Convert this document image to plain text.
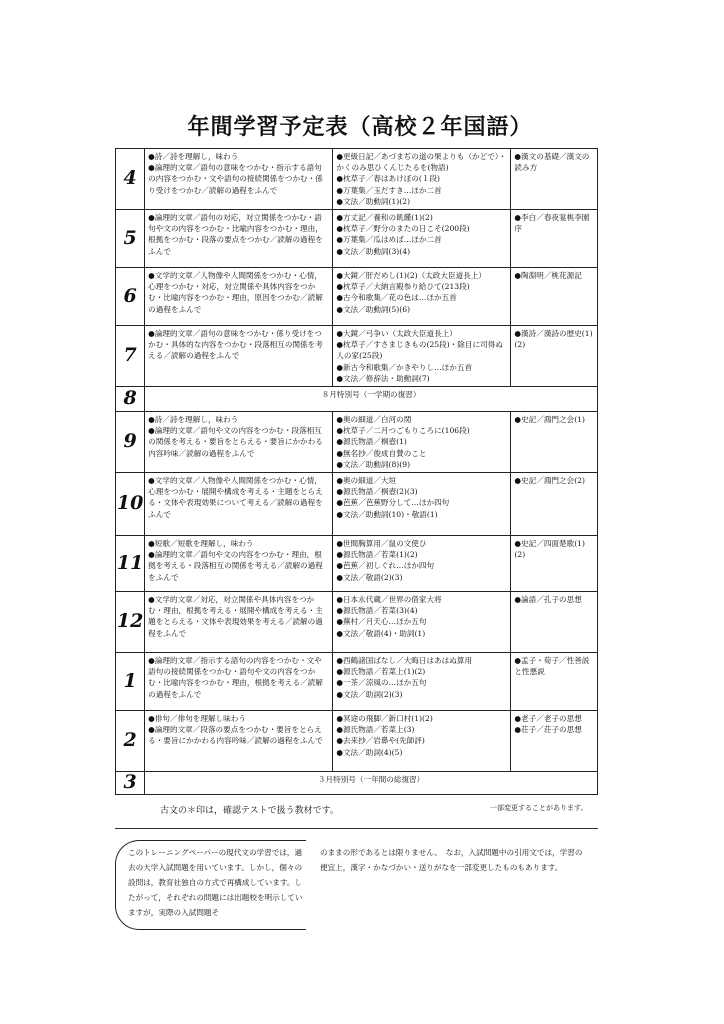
年間学習予定表（高校２年国語）
4	●詩／詩を理解し，味わう
●論理的文章／語句の意味をつかむ・指示する語句の内容をつかむ・文や語句の接続関係をつかむ・係り受けをつかむ／読解の過程をふんで	●更級日記／あづまぢの道の果よりも（かどで）・かくのみ思ひくんじたるを(物語)
●枕草子／春はあけぼの(１段)
●万葉集／玉だすき…ほか二首
●文法／助動詞(1)(2)	●漢文の基礎／漢文の読み方

5	●論理的文章／語句の対応，対立関係をつかむ・語句や文の内容をつかむ・比喩内容をつかむ・理由，根拠をつかむ・段落の要点をつかむ／読解の過程をふんで	●方丈記／養和の飢饉(1)(2)
●枕草子／野分のまたの日こそ(200段)
●万葉集／瓜はめば…ほか二首
●文法／助動詞(3)(4)	●李白／春夜宴桃李園序

6	●文学的文章／人物像や人間関係をつかむ・心情，心理をつかむ・対応，対立関係や具体内容をつかむ・比喩内容をつかむ・理由，原因をつかむ／読解の過程をふんで	●大鏡／肝だめし(1)(2)（太政大臣道長上）
●枕草子／大納言殿参り給ひて(213段)
●古今和歌集／花の色は…ほか五首
●文法／助動詞(5)(6)	●陶淵明／桃花源記

7	●論理的文章／語句の意味をつかむ・係り受けをつかむ・具体的な内容をつかむ・段落相互の関係を考える／読解の過程をふんで	●大鏡／弓争い（太政大臣道長上）
●枕草子／すさまじきもの(25段)・除目に司得ぬ人の家(25段)
●新古今和歌集／かきやりし…ほか五首
●文法／修辞法・助動詞(7)	●漢詩／漢詩の歴史(1)(2)

8	８月特別号（一学期の復習）		
9	●詩／詩を理解し，味わう
●論理的文章／語句や文の内容をつかむ・段落相互の関係を考える・要旨をとらえる・要旨にかかわる内容吟味／読解の過程をふんで	●奥の細道／白河の関
●枕草子／二月つごもりころに(106段)
●源氏物語／桐壺(1)
●無名抄／俊成自賛のこと
●文法／助動詞(8)(9)	●史記／鴻門之会(1)

10	●文学的文章／人物像や人間関係をつかむ・心情，心理をつかむ・展開や構成を考える・主題をとらえる・文体や表現効果について考える／読解の過程をふんで	●奥の細道／大垣
●源氏物語／桐壺(2)(3)
●芭蕉／芭蕉野分して…ほか四句
●文法／助動詞(10)・敬語(1)	●史記／鴻門之会(2)

11	●短歌／短歌を理解し，味わう
●論理的文章／語句や文の内容をつかむ・理由，根拠を考える・段落相互の関係を考える／読解の過程をふんで	●世間胸算用／鼠の文使ひ
●源氏物語／若菜(1)(2)
●芭蕉／初しぐれ…ほか四句
●文法／敬語(2)(3)	●史記／四面楚歌(1)(2)

12	●文学的文章／対応，対立関係や具体内容をつかむ・理由，根拠を考える・展開や構成を考える・主題をとらえる・文体や表現効果を考える／読解の過程をふんで	●日本永代蔵／世界の借家大将
●源氏物語／若菜(3)(4)
●蕪村／月天心…ほか五句
●文法／敬語(4)・助詞(1)	●論語／孔子の思想

1	●論理的文章／指示する語句の内容をつかむ・文や語句の接続関係をつかむ・語句や文の内容をつかむ・比喩内容をつかむ・理由，根拠を考える／読解の過程をふんで	●西鶴諸国ばなし／大晦日はあはぬ算用
●源氏物語／若菜上(1)(2)
●一茶／涼風の…ほか五句
●文法／助詞(2)(3)	●孟子・荀子／性善説と性悪説

2	●俳句／俳句を理解し味わう
●論理的文章／段落の要点をつかむ・要旨をとらえる・要旨にかかわる内容吟味／読解の過程をふんで	●冥途の飛脚／新口村(1)(2)
●源氏物語／若菜上(3)
●去来抄／岩鼻や(先師評)
●文法／助詞(4)(5)	●老子／老子の思想
●荘子／荘子の思想

3	３月特別号（一年間の総復習）		
古文の＊印は，確認テストで扱う教材です。	一部変更することがあります。
このトレーニングペーパーの現代文の学習では，過去の大学入試問題を用いています。しかし，個々の設問は，教育社独自の方式で再構成しています。したがって，それぞれの問題には出題校を明示していますが，実際の入試問題そ
のままの形であるとは限りません。　なお，入試問題中の引用文では，学習の便宜上，漢字・かなづかい・送りがなを一部変更したものもあります。
